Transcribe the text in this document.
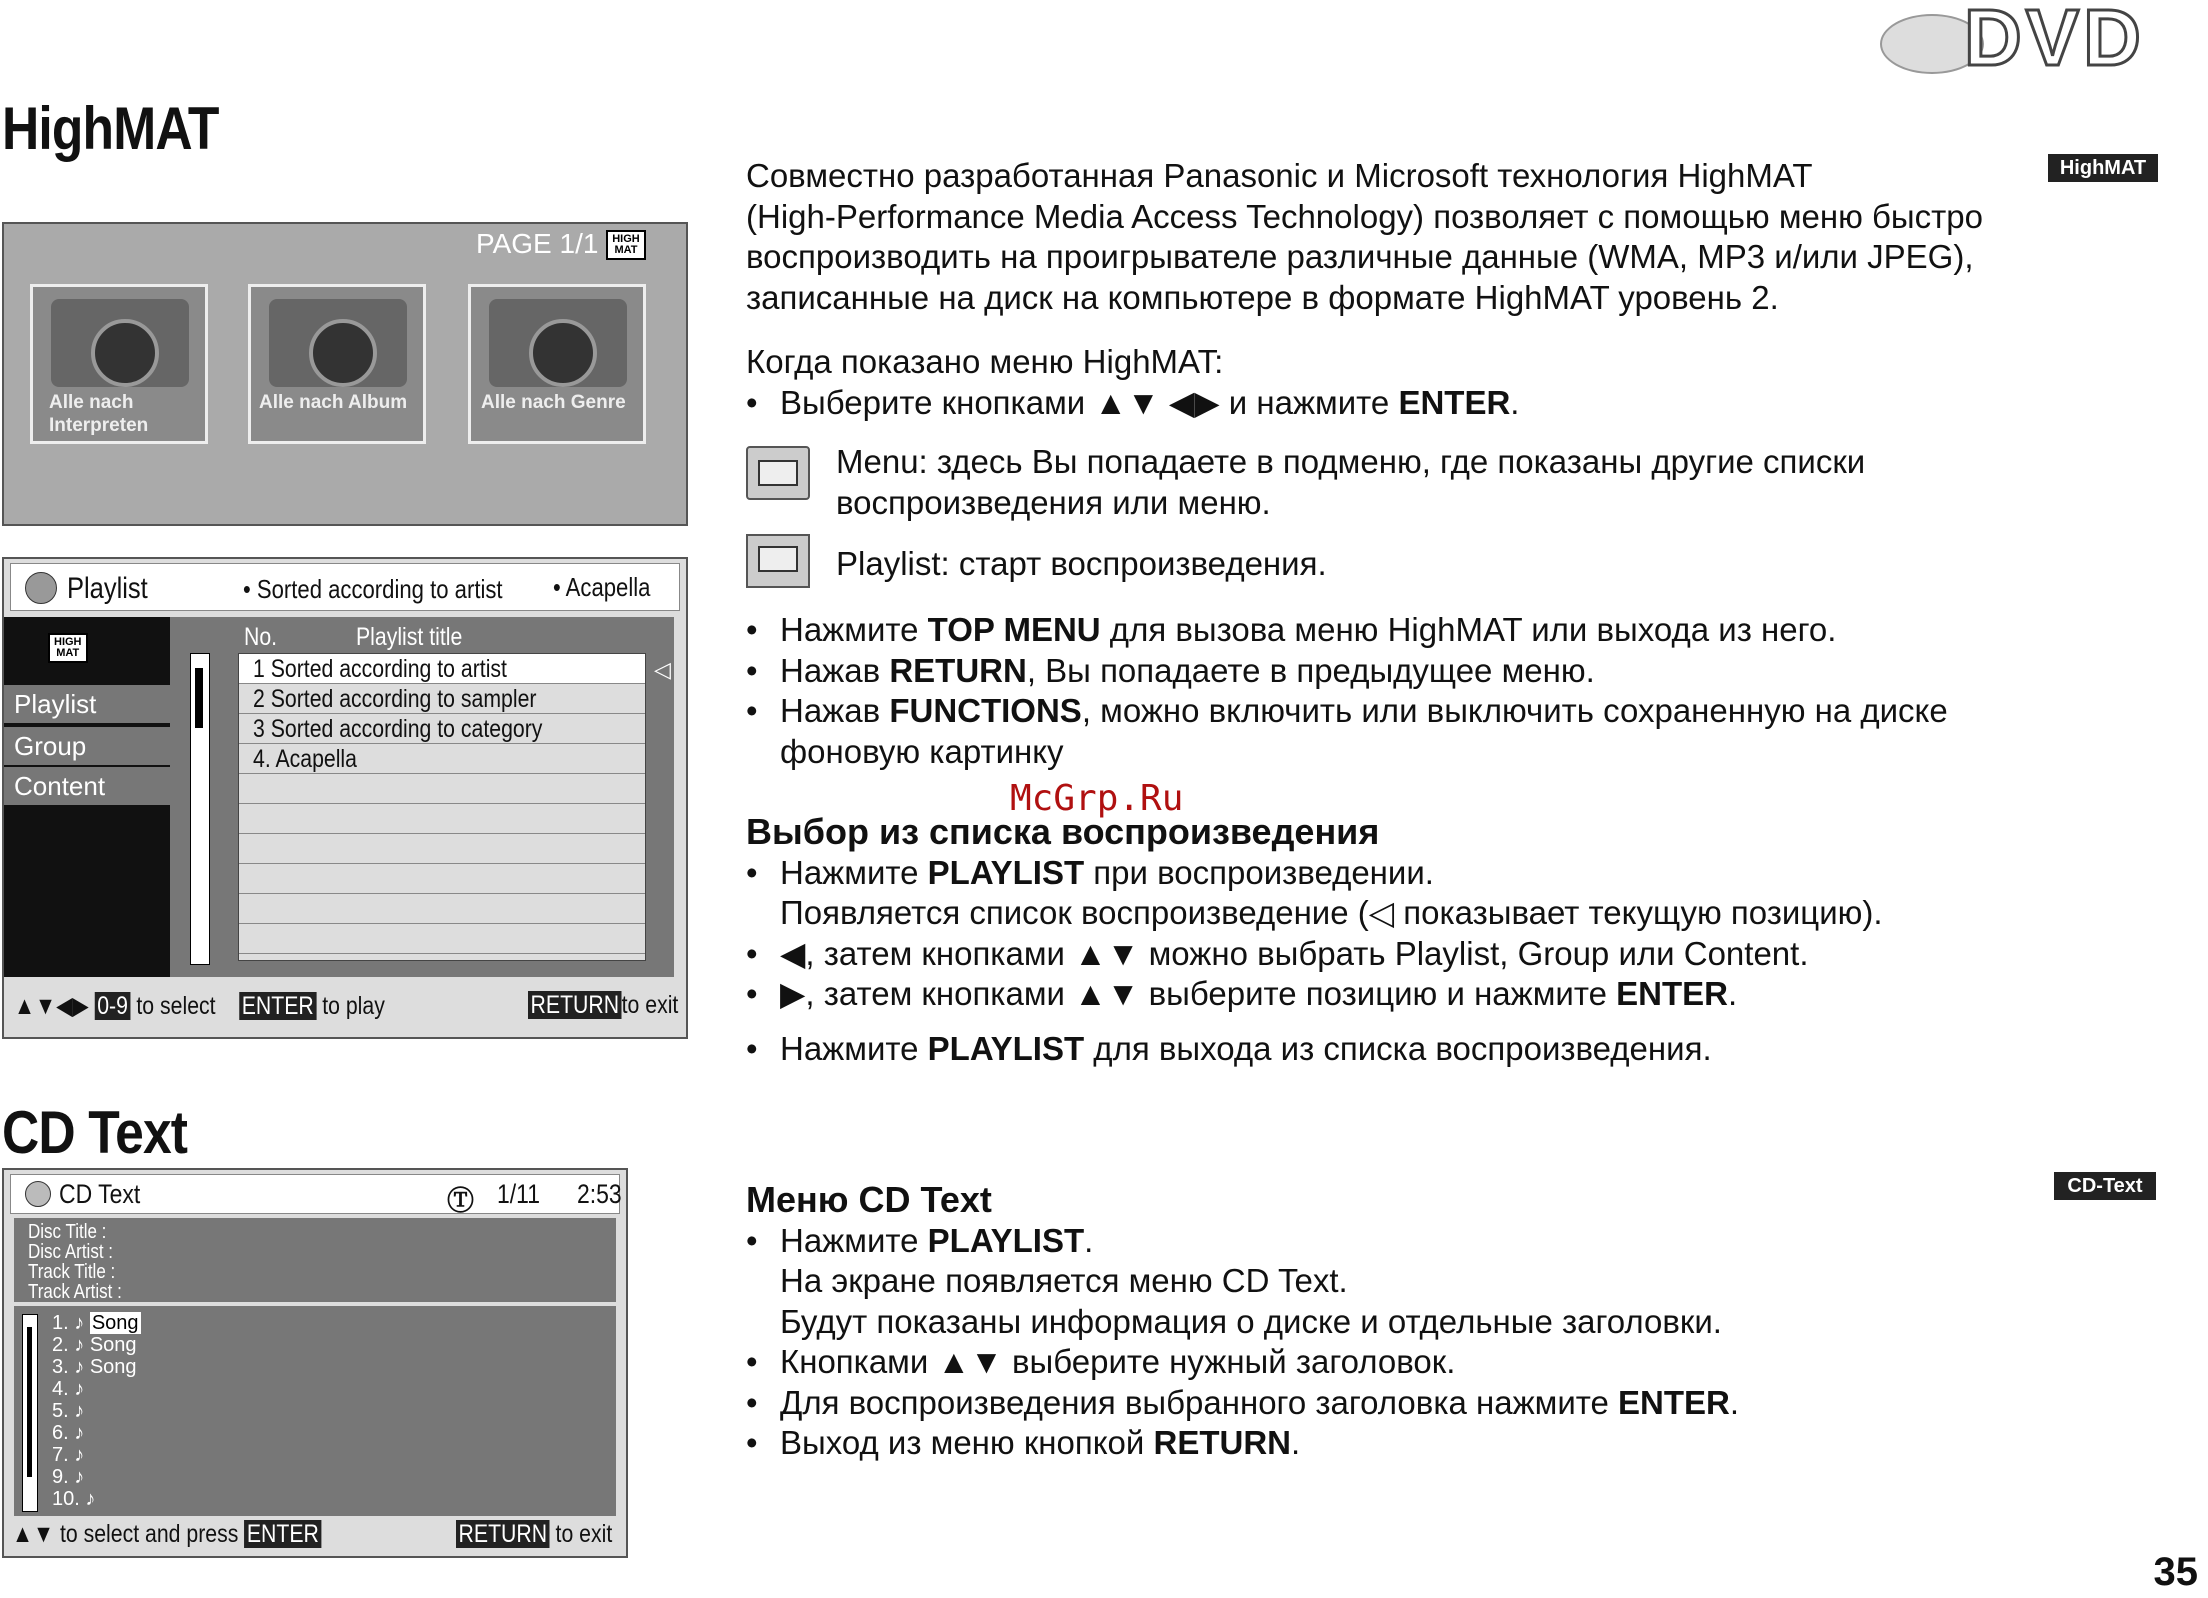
DVD
35
HighMAT
HighMAT
PAGE 1/1 HIGH
MAT
Alle nach
Interpreten
Alle nach Album	Alle nach Genre
Playlist	• Sorted according to artist • Acapella
HIGH
MAT
Playlist
Group
Content
No.	Playlist title
1 Sorted according to artist
2 Sorted according to sampler
3 Sorted according to category
4. Acapella
◁
▲▼◀▶ 0-9 to select ENTER to play	RETURN to exit

Совместно разработанная Panasonic и Microsoft технология HighMAT

(High-Performance Media Access Technology) позволяет с помощью меню быстро

воспроизводить на проигрывателе различные данные (WMA, MP3 и/или JPEG),

записанные на диск на компьютере в формате HighMAT уровень 2.

Когда показано меню HighMAT:

• Выберите кнопками ▲▼ ◀▶ и нажмите ENTER.

Menu: здесь Вы попадаете в подменю, где показаны другие списки

воспроизведения или меню.

Playlist: старт воспроизведения.

• Нажмите TOP MENU для вызова меню HighMAT или выхода из него.

• Нажав RETURN, Вы попадаете в предыдущее меню.

• Нажав FUNCTIONS, можно включить или выключить сохраненную на диске

фоновую картинку

McGrp.Ru

Выбор из списка воспроизведения

• Нажмите PLAYLIST при воспроизведении.

Появляется список воспроизведение (◁ показывает текущую позицию).

• ◀, затем кнопками ▲▼ можно выбрать Playlist, Group или Content.

• ▶, затем кнопками ▲▼ выберите позицию и нажмите ENTER.

• Нажмите PLAYLIST для выхода из списка воспроизведения.

CD Text
CD-Text
CD Text	Ⓣ 1/11 2:53
Disc Title :
Disc Artist :
Track Title :
Track Artist :
1. ♪ Song
2. ♪ Song
3. ♪ Song
4. ♪
5. ♪
6. ♪
7. ♪
9. ♪
10. ♪
▲▼ to select and press ENTER	RETURN to exit

Меню CD Text

• Нажмите PLAYLIST.

На экране появляется меню CD Text.

Будут показаны информация о диске и отдельные заголовки.

• Кнопками ▲▼ выберите нужный заголовок.

• Для воспроизведения выбранного заголовка нажмите ENTER.

• Выход из меню кнопкой RETURN.
